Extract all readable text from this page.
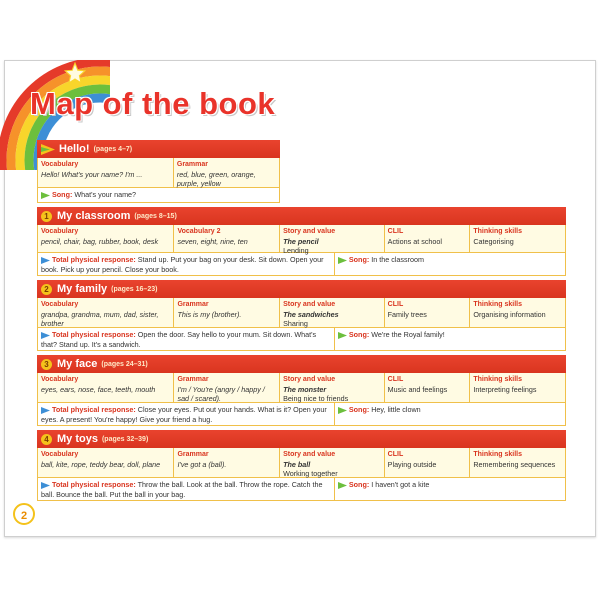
Map of the book
Hello! (pages 4–7)
Vocabulary
Hello! What's your name? I'm ...
Grammar
red, blue, green, orange, purple, yellow
Song: What's your name?
1 My classroom (pages 8–15)
Vocabulary
pencil, chair, bag, rubber, book, desk
Vocabulary 2
seven, eight, nine, ten
Story and value
The pencil
Lending
CLIL
Actions at school
Thinking skills
Categorising
Total physical response: Stand up. Put your bag on your desk. Sit down. Open your book. Pick up your pencil. Close your book.
Song: In the classroom
2 My family (pages 16–23)
Vocabulary
grandpa, grandma, mum, dad, sister, brother
Grammar
This is my (brother).
Story and value
The sandwiches
Sharing
CLIL
Family trees
Thinking skills
Organising information
Total physical response: Open the door. Say hello to your mum. Sit down. What's that? Stand up. It's a sandwich.
Song: We're the Royal family!
3 My face (pages 24–31)
Vocabulary
eyes, ears, nose, face, teeth, mouth
Grammar
I'm / You're (angry / happy / sad / scared).
Story and value
The monster
Being nice to friends
CLIL
Music and feelings
Thinking skills
Interpreting feelings
Total physical response: Close your eyes. Put out your hands. What is it? Open your eyes. A present! You're happy! Give your friend a hug.
Song: Hey, little clown
4 My toys (pages 32–39)
Vocabulary
ball, kite, rope, teddy bear, doll, plane
Grammar
I've got a (ball).
Story and value
The ball
Working together
CLIL
Playing outside
Thinking skills
Remembering sequences
Total physical response: Throw the ball. Look at the ball. Throw the rope. Catch the ball. Bounce the ball. Put the ball in your bag.
Song: I haven't got a kite
2
